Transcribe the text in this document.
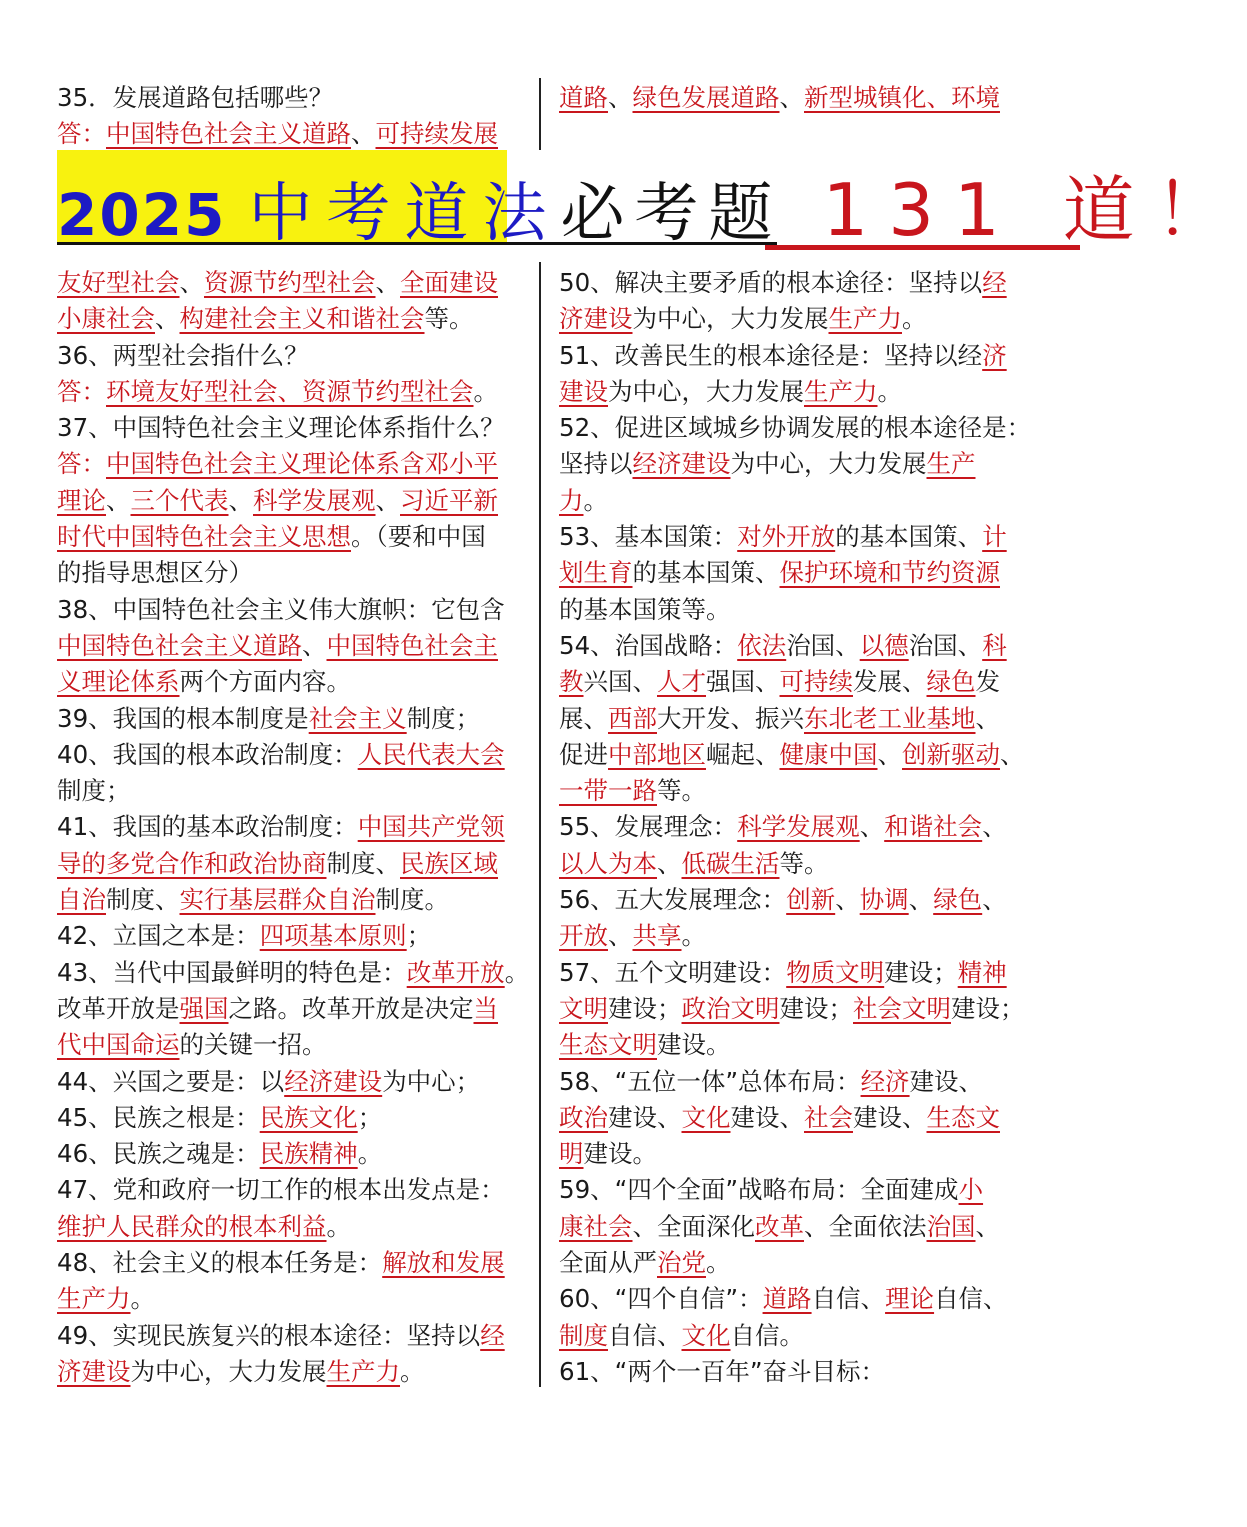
35．发展道路包括哪些？

答：中国特色社会主义道路、可持续发展

道路、绿色发展道路、新型城镇化、环境

2025 中考道法必考题 131 道！

友好型社会、资源节约型社会、全面建设

小康社会、构建社会主义和谐社会等。

36、两型社会指什么？

答：环境友好型社会、资源节约型社会。

37、中国特色社会主义理论体系指什么？

答：中国特色社会主义理论体系含邓小平

理论、三个代表、科学发展观、习近平新

时代中国特色社会主义思想。（要和中国

的指导思想区分）

38、中国特色社会主义伟大旗帜：它包含

中国特色社会主义道路、中国特色社会主

义理论体系两个方面内容。

39、我国的根本制度是社会主义制度；

40、我国的根本政治制度：人民代表大会

制度；

41、我国的基本政治制度：中国共产党领

导的多党合作和政治协商制度、民族区域

自治制度、实行基层群众自治制度。

42、立国之本是：四项基本原则；

43、当代中国最鲜明的特色是：改革开放。

改革开放是强国之路。改革开放是决定当

代中国命运的关键一招。

44、兴国之要是：以经济建设为中心；

45、民族之根是：民族文化；

46、民族之魂是：民族精神。

47、党和政府一切工作的根本出发点是：

维护人民群众的根本利益。

48、社会主义的根本任务是：解放和发展

生产力。

49、实现民族复兴的根本途径：坚持以经

济建设为中心，大力发展生产力。

50、解决主要矛盾的根本途径：坚持以经

济建设为中心，大力发展生产力。

51、改善民生的根本途径是：坚持以经济

建设为中心，大力发展生产力。

52、促进区域城乡协调发展的根本途径是：

坚持以经济建设为中心，大力发展生产

力。

53、基本国策：对外开放的基本国策、计

划生育的基本国策、保护环境和节约资源

的基本国策等。

54、治国战略：依法治国、以德治国、科

教兴国、人才强国、可持续发展、绿色发

展、西部大开发、振兴东北老工业基地、

促进中部地区崛起、健康中国、创新驱动、

一带一路等。

55、发展理念：科学发展观、和谐社会、

以人为本、低碳生活等。

56、五大发展理念：创新、协调、绿色、

开放、共享。

57、五个文明建设：物质文明建设；精神

文明建设；政治文明建设；社会文明建设；

生态文明建设。

58、“五位一体”总体布局：经济建设、

政治建设、文化建设、社会建设、生态文

明建设。

59、“四个全面”战略布局：全面建成小

康社会、全面深化改革、全面依法治国、

全面从严治党。

60、“四个自信”：道路自信、理论自信、

制度自信、文化自信。

61、“两个一百年”奋斗目标：
